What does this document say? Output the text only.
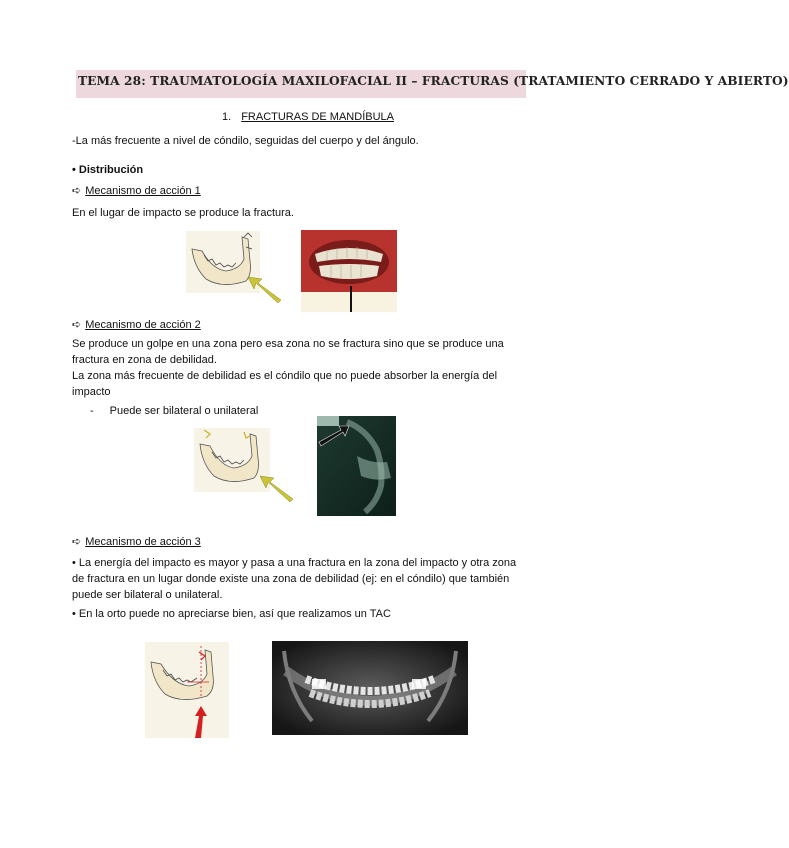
TEMA 28: TRAUMATOLOGÍA MAXILOFACIAL II – FRACTURAS (TRATAMIENTO CERRADO Y ABIERTO)
1. FRACTURAS DE MANDÍBULA
-La más frecuente a nivel de cóndilo, seguidas del cuerpo y del ángulo.
• Distribución
➪ Mecanismo de acción 1
En el lugar de impacto se produce la fractura.
➪ Mecanismo de acción 2
Se produce un golpe en una zona pero esa zona no se fractura sino que se produce una fractura en zona de debilidad.
La zona más frecuente de debilidad es el cóndilo que no puede absorber la energía del impacto
- Puede ser bilateral o unilateral
➪ Mecanismo de acción 3
• La energía del impacto es mayor y pasa a una fractura en la zona del impacto y otra zona de fractura en un lugar donde existe una zona de debilidad (ej: en el cóndilo) que también puede ser bilateral o unilateral.
• En la orto puede no apreciarse bien, así que realizamos un TAC
